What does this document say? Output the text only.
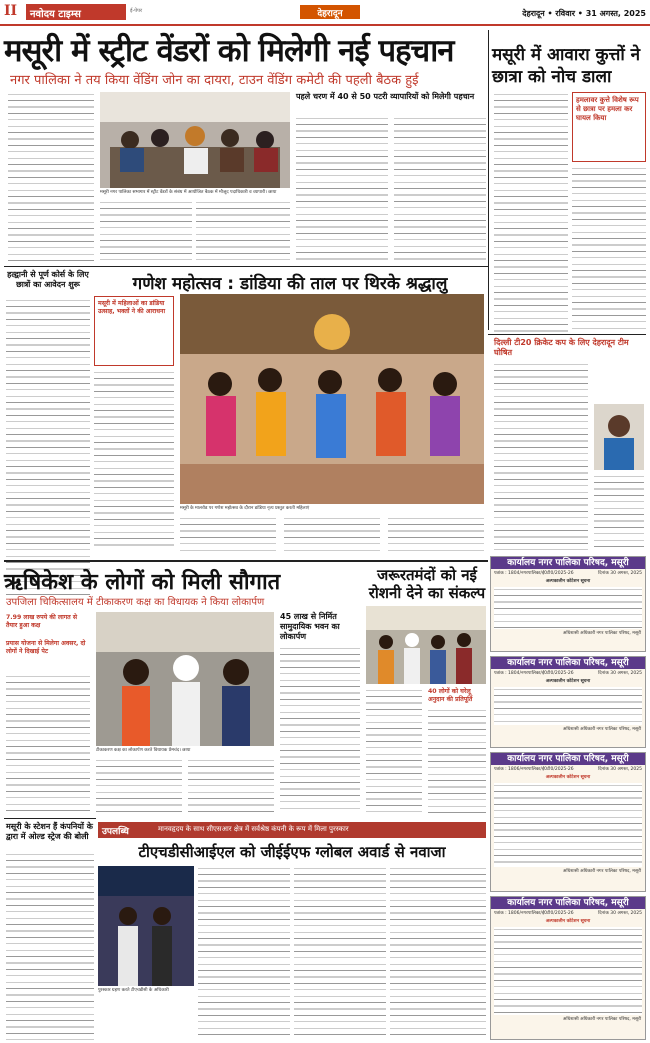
II	नवोदय टाइम्स	ई-पेपर	देहरादून	देहरादून • रविवार • 31 अगस्त, 2025
मसूरी में स्ट्रीट वेंडरों को मिलेगी नई पहचान
नगर पालिका ने तय किया वेंडिंग जोन का दायरा, टाउन वेंडिंग कमेटी की पहली बैठक हुई
मसूरी नगर पालिका सभागार में स्ट्रीट वेंडरों के संबंध में आयोजित बैठक में मौजूद पदाधिकारी व व्यापारी। छाया
पहले चरण में 40 से 50 पटरी व्यापारियों को मिलेगी पहचान
हल्द्वानी से पूर्ण कोर्स के लिए छात्रों का आवेदन शुरू
मसूरी में आवारा कुत्तों ने छात्रा को नोच डाला
हमलावर कुत्ते विशेष रूप से छात्रा पर हमला कर घायल किया
गणेश महोत्सव : डांडिया की ताल पर थिरके श्रद्धालु
मसूरी में महिलाओं का डांडिया उत्साह, भक्तों ने की आराधना
मसूरी के मालरोड पर गणेश महोत्सव के दौरान डांडिया नृत्य प्रस्तुत करती महिलाएं
दिल्ली टी20 क्रिकेट कप के लिए देहरादून टीम घोषित
ऋषिकेश के लोगों को मिली सौगात
उपजिला चिकित्सालय में टीकाकरण कक्ष का विधायक ने किया लोकार्पण
7.99 लाख रुपये की लागत से तैयार हुआ कक्ष
प्रयास योजना से मिलेगा अवसर, दो लोगों ने दिखाई पेट
टीकाकरण कक्ष का लोकार्पण करते विधायक प्रेमचंद। छाया
45 लाख से निर्मित सामुदायिक भवन का लोकार्पण
जरूरतमंदों को नई रोशनी देने का संकल्प
40 लोगों को घरेलू अनुदान की प्रतिपूर्ति
कार्यालय नगर पालिका परिषद, मसूरी
पत्रांक : 1804/नगरपालिका/ई0टी0/2025-26	दिनांक 30 अगस्त, 2025
अल्पकालीन कोटेशन सूचना
अधिशासी अधिकारी नगर पालिका परिषद, मसूरी
कार्यालय नगर पालिका परिषद, मसूरी
पत्रांक : 1804/नगरपालिका/ई0टी0/2025-26	दिनांक 30 अगस्त, 2025
अल्पकालीन कोटेशन सूचना
अधिशासी अधिकारी नगर पालिका परिषद, मसूरी
कार्यालय नगर पालिका परिषद, मसूरी
पत्रांक : 1806/नगरपालिका/ई0टी0/2025-26	दिनांक 30 अगस्त, 2025
अल्पकालीन कोटेशन सूचना
अधिशासी अधिकारी नगर पालिका परिषद, मसूरी
कार्यालय नगर पालिका परिषद, मसूरी
पत्रांक : 1806/नगरपालिका/ई0टी0/2025-26	दिनांक 30 अगस्त, 2025
अल्पकालीन कोटेशन सूचना
अधिशासी अधिकारी नगर पालिका परिषद, मसूरी
मसूरी के स्टेशन हैं कंपनियों के द्वारा में ओल्ड स्ट्रेज की बोली	उपलब्धि	मानवहृदय के साथ सीएसआर क्षेत्र में सर्वश्रेष्ठ कंपनी के रूप में मिला पुरस्कार
टीएचडीसीआईएल को जीईईएफ ग्लोबल अवार्ड से नवाजा
पुरस्कार ग्रहण करते टीएचडीसी के अधिकारी
